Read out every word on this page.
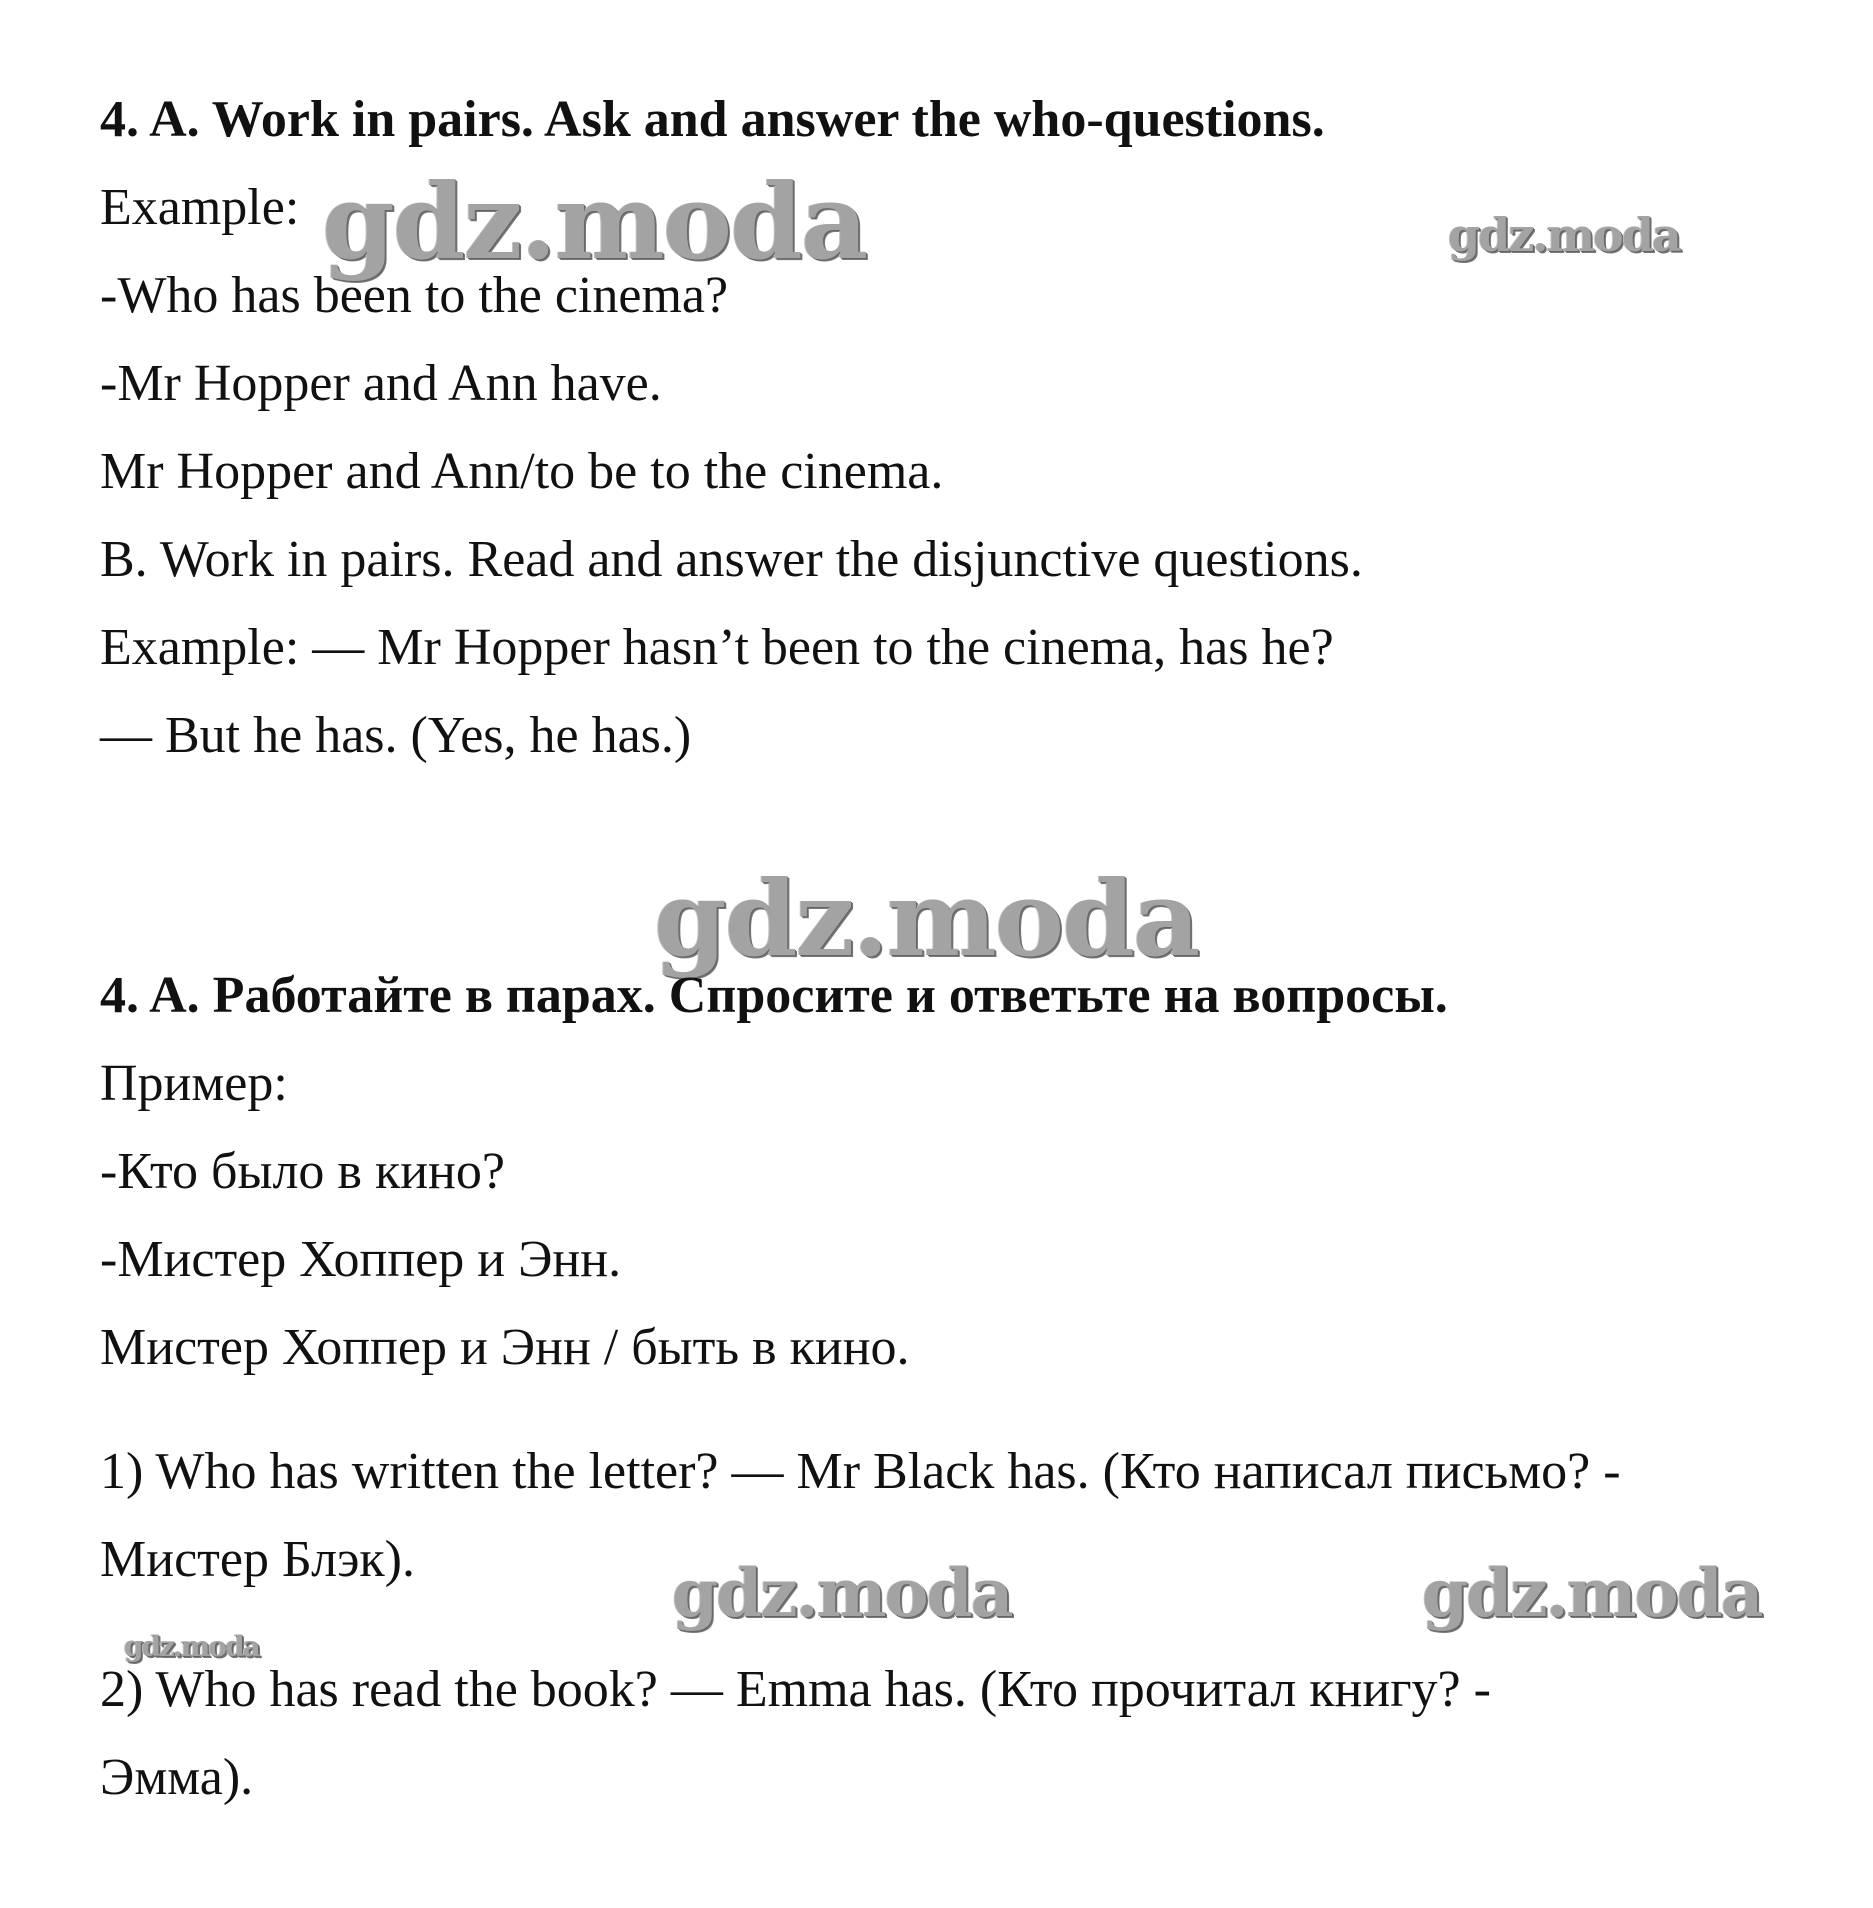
gdz.moda	gdz.moda
gdz.moda
gdz.moda	gdz.moda
gdz.moda
4. A. Work in pairs. Ask and answer the who-questions.
Example:
-Who has been to the cinema?
-Mr Hopper and Ann have.
Mr Hopper and Ann/to be to the cinema.
B. Work in pairs. Read and answer the disjunctive questions.
Example: — Mr Hopper hasn’t been to the cinema, has he?
— But he has. (Yes, he has.)
4. A. Работайте в парах. Спросите и ответьте на вопросы.
Пример:
-Кто было в кино?
-Мистер Хоппер и Энн.
Мистер Хоппер и Энн / быть в кино.
1) Who has written the letter? — Mr Black has. (Кто написал письмо? -
Мистер Блэк).
2) Who has read the book? — Emma has. (Кто прочитал книгу? -
Эмма).
